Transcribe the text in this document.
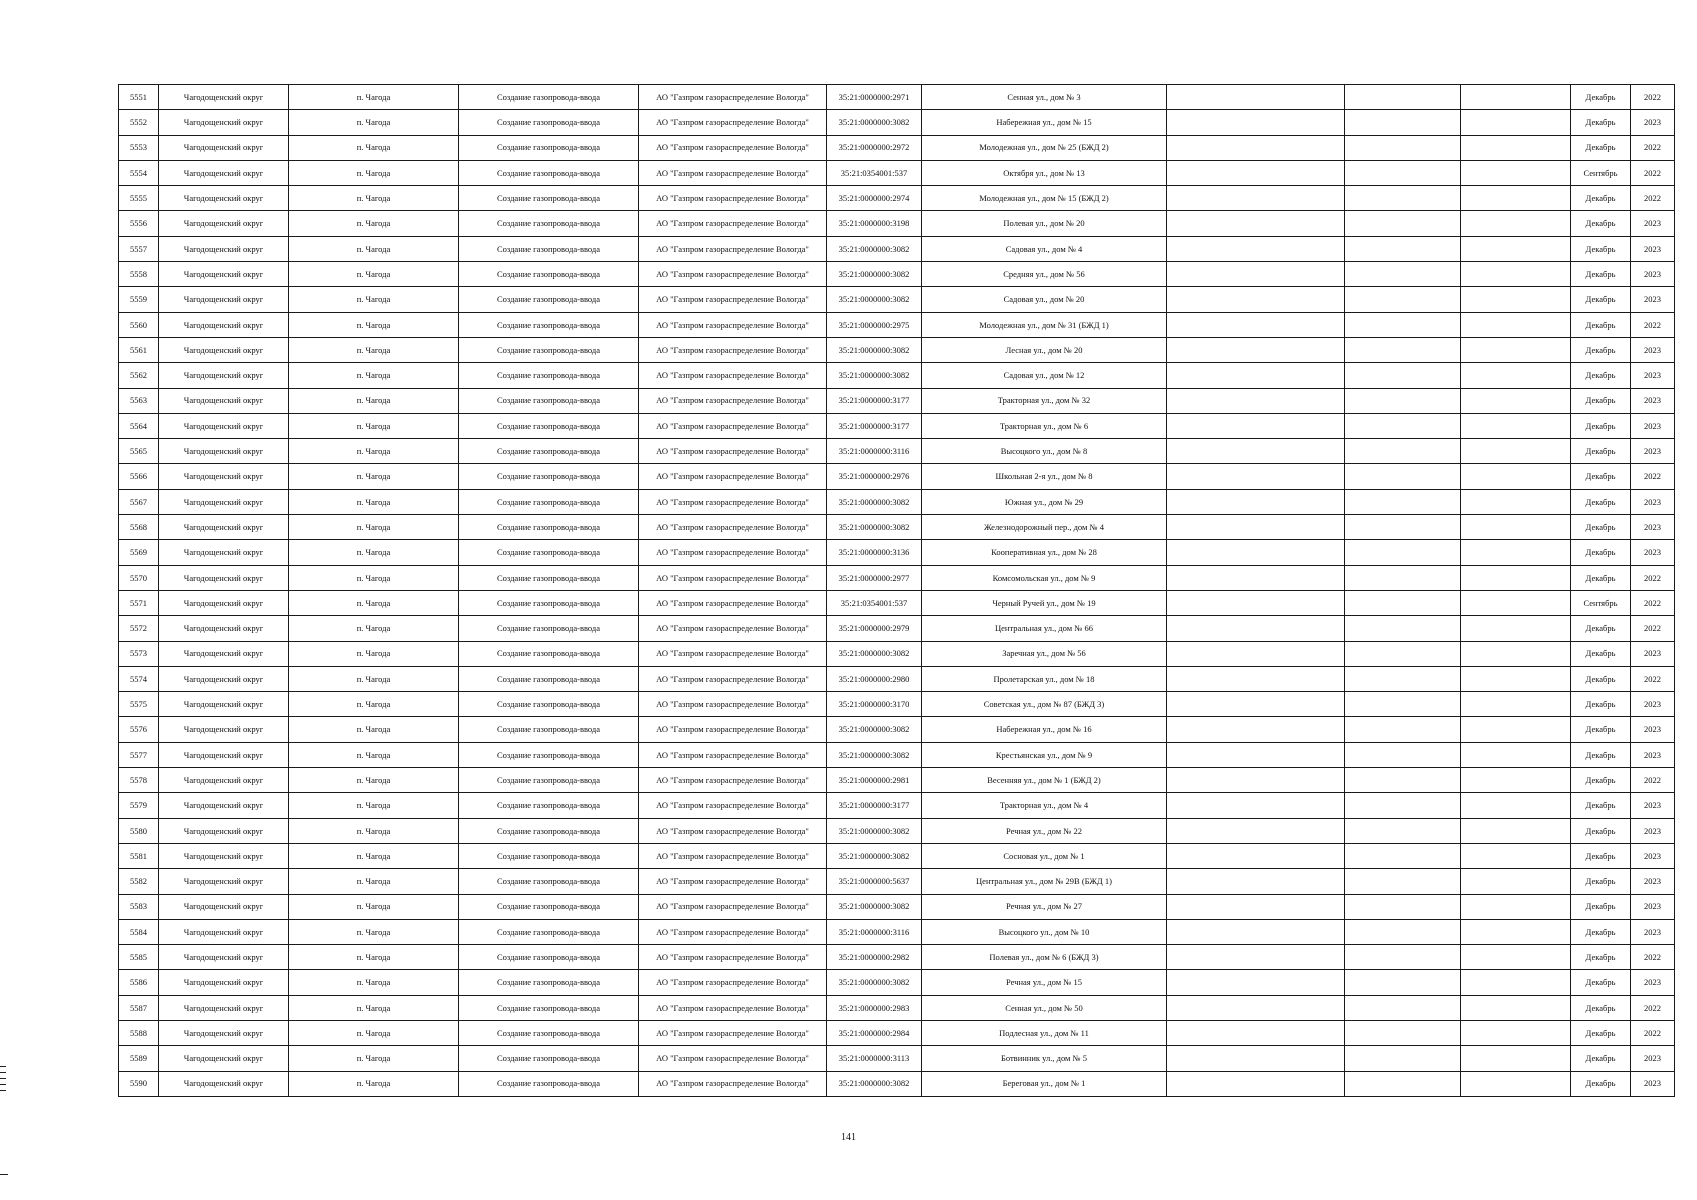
5551	Чагодощенский округ	п. Чагода	Создание газопровода-ввода	АО "Газпром газораспределение Вологда"	35:21:0000000:2971	Сенная ул., дом № 3				Декабрь	2022
5552	Чагодощенский округ	п. Чагода	Создание газопровода-ввода	АО "Газпром газораспределение Вологда"	35:21:0000000:3082	Набережная ул., дом № 15				Декабрь	2023
5553	Чагодощенский округ	п. Чагода	Создание газопровода-ввода	АО "Газпром газораспределение Вологда"	35:21:0000000:2972	Молодежная ул., дом № 25 (БЖД 2)				Декабрь	2022
5554	Чагодощенский округ	п. Чагода	Создание газопровода-ввода	АО "Газпром газораспределение Вологда"	35:21:0354001:537	Октября ул., дом № 13				Сентябрь	2022
5555	Чагодощенский округ	п. Чагода	Создание газопровода-ввода	АО "Газпром газораспределение Вологда"	35:21:0000000:2974	Молодежная ул., дом № 15 (БЖД 2)				Декабрь	2022
5556	Чагодощенский округ	п. Чагода	Создание газопровода-ввода	АО "Газпром газораспределение Вологда"	35:21:0000000:3198	Полевая ул., дом № 20				Декабрь	2023
5557	Чагодощенский округ	п. Чагода	Создание газопровода-ввода	АО "Газпром газораспределение Вологда"	35:21:0000000:3082	Садовая ул., дом № 4				Декабрь	2023
5558	Чагодощенский округ	п. Чагода	Создание газопровода-ввода	АО "Газпром газораспределение Вологда"	35:21:0000000:3082	Средняя ул., дом № 56				Декабрь	2023
5559	Чагодощенский округ	п. Чагода	Создание газопровода-ввода	АО "Газпром газораспределение Вологда"	35:21:0000000:3082	Садовая ул., дом № 20				Декабрь	2023
5560	Чагодощенский округ	п. Чагода	Создание газопровода-ввода	АО "Газпром газораспределение Вологда"	35:21:0000000:2975	Молодежная ул., дом № 31 (БЖД 1)				Декабрь	2022
5561	Чагодощенский округ	п. Чагода	Создание газопровода-ввода	АО "Газпром газораспределение Вологда"	35:21:0000000:3082	Лесная ул., дом № 20				Декабрь	2023
5562	Чагодощенский округ	п. Чагода	Создание газопровода-ввода	АО "Газпром газораспределение Вологда"	35:21:0000000:3082	Садовая ул., дом № 12				Декабрь	2023
5563	Чагодощенский округ	п. Чагода	Создание газопровода-ввода	АО "Газпром газораспределение Вологда"	35:21:0000000:3177	Тракторная ул., дом № 32				Декабрь	2023
5564	Чагодощенский округ	п. Чагода	Создание газопровода-ввода	АО "Газпром газораспределение Вологда"	35:21:0000000:3177	Тракторная ул., дом № 6				Декабрь	2023
5565	Чагодощенский округ	п. Чагода	Создание газопровода-ввода	АО "Газпром газораспределение Вологда"	35:21:0000000:3116	Высоцкого ул., дом № 8				Декабрь	2023
5566	Чагодощенский округ	п. Чагода	Создание газопровода-ввода	АО "Газпром газораспределение Вологда"	35:21:0000000:2976	Школьная 2-я ул., дом № 8				Декабрь	2022
5567	Чагодощенский округ	п. Чагода	Создание газопровода-ввода	АО "Газпром газораспределение Вологда"	35:21:0000000:3082	Южная ул., дом № 29				Декабрь	2023
5568	Чагодощенский округ	п. Чагода	Создание газопровода-ввода	АО "Газпром газораспределение Вологда"	35:21:0000000:3082	Железнодорожный пер., дом № 4				Декабрь	2023
5569	Чагодощенский округ	п. Чагода	Создание газопровода-ввода	АО "Газпром газораспределение Вологда"	35:21:0000000:3136	Кооперативная ул., дом № 28				Декабрь	2023
5570	Чагодощенский округ	п. Чагода	Создание газопровода-ввода	АО "Газпром газораспределение Вологда"	35:21:0000000:2977	Комсомольская ул., дом № 9				Декабрь	2022
5571	Чагодощенский округ	п. Чагода	Создание газопровода-ввода	АО "Газпром газораспределение Вологда"	35:21:0354001:537	Черный Ручей ул., дом № 19				Сентябрь	2022
5572	Чагодощенский округ	п. Чагода	Создание газопровода-ввода	АО "Газпром газораспределение Вологда"	35:21:0000000:2979	Центральная ул., дом № 66				Декабрь	2022
5573	Чагодощенский округ	п. Чагода	Создание газопровода-ввода	АО "Газпром газораспределение Вологда"	35:21:0000000:3082	Заречная ул., дом № 56				Декабрь	2023
5574	Чагодощенский округ	п. Чагода	Создание газопровода-ввода	АО "Газпром газораспределение Вологда"	35:21:0000000:2980	Пролетарская ул., дом № 18				Декабрь	2022
5575	Чагодощенский округ	п. Чагода	Создание газопровода-ввода	АО "Газпром газораспределение Вологда"	35:21:0000000:3170	Советская ул., дом № 87 (БЖД 3)				Декабрь	2023
5576	Чагодощенский округ	п. Чагода	Создание газопровода-ввода	АО "Газпром газораспределение Вологда"	35:21:0000000:3082	Набережная ул., дом № 16				Декабрь	2023
5577	Чагодощенский округ	п. Чагода	Создание газопровода-ввода	АО "Газпром газораспределение Вологда"	35:21:0000000:3082	Крестьянская ул., дом № 9				Декабрь	2023
5578	Чагодощенский округ	п. Чагода	Создание газопровода-ввода	АО "Газпром газораспределение Вологда"	35:21:0000000:2981	Весенняя ул., дом № 1 (БЖД 2)				Декабрь	2022
5579	Чагодощенский округ	п. Чагода	Создание газопровода-ввода	АО "Газпром газораспределение Вологда"	35:21:0000000:3177	Тракторная ул., дом № 4				Декабрь	2023
5580	Чагодощенский округ	п. Чагода	Создание газопровода-ввода	АО "Газпром газораспределение Вологда"	35:21:0000000:3082	Речная ул., дом № 22				Декабрь	2023
5581	Чагодощенский округ	п. Чагода	Создание газопровода-ввода	АО "Газпром газораспределение Вологда"	35:21:0000000:3082	Сосновая ул., дом № 1				Декабрь	2023
5582	Чагодощенский округ	п. Чагода	Создание газопровода-ввода	АО "Газпром газораспределение Вологда"	35:21:0000000:5637	Центральная ул., дом № 29В (БЖД 1)				Декабрь	2023
5583	Чагодощенский округ	п. Чагода	Создание газопровода-ввода	АО "Газпром газораспределение Вологда"	35:21:0000000:3082	Речная ул., дом № 27				Декабрь	2023
5584	Чагодощенский округ	п. Чагода	Создание газопровода-ввода	АО "Газпром газораспределение Вологда"	35:21:0000000:3116	Высоцкого ул., дом № 10				Декабрь	2023
5585	Чагодощенский округ	п. Чагода	Создание газопровода-ввода	АО "Газпром газораспределение Вологда"	35:21:0000000:2982	Полевая ул., дом № 6 (БЖД 3)				Декабрь	2022
5586	Чагодощенский округ	п. Чагода	Создание газопровода-ввода	АО "Газпром газораспределение Вологда"	35:21:0000000:3082	Речная ул., дом № 15				Декабрь	2023
5587	Чагодощенский округ	п. Чагода	Создание газопровода-ввода	АО "Газпром газораспределение Вологда"	35:21:0000000:2983	Сенная ул., дом № 50				Декабрь	2022
5588	Чагодощенский округ	п. Чагода	Создание газопровода-ввода	АО "Газпром газораспределение Вологда"	35:21:0000000:2984	Подлесная ул., дом № 11				Декабрь	2022
5589	Чагодощенский округ	п. Чагода	Создание газопровода-ввода	АО "Газпром газораспределение Вологда"	35:21:0000000:3113	Ботвинник ул., дом № 5				Декабрь	2023
5590	Чагодощенский округ	п. Чагода	Создание газопровода-ввода	АО "Газпром газораспределение Вологда"	35:21:0000000:3082	Береговая ул., дом № 1				Декабрь	2023
141
